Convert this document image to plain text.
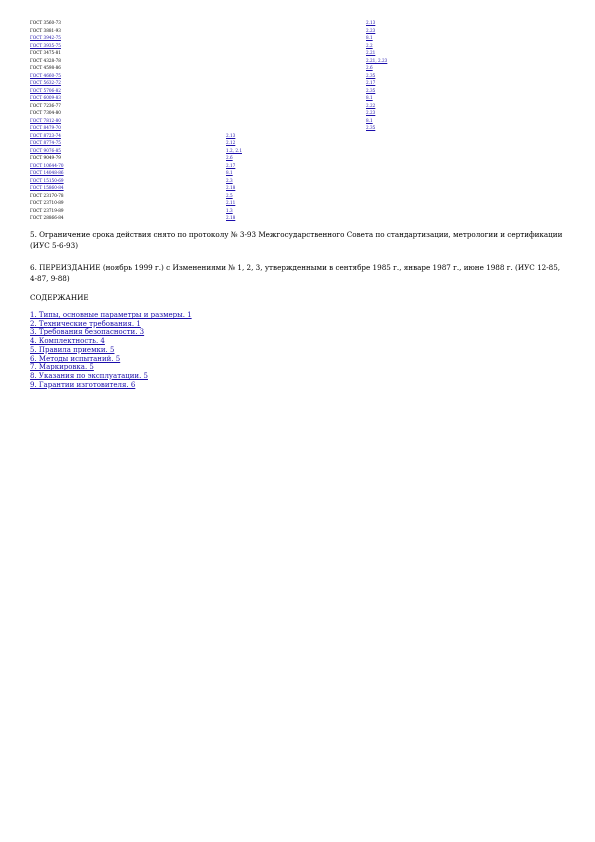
ГОСТ 3560-73	2.13
ГОСТ 3881-93	2.23
ГОСТ 3942-75	8.1
ГОСТ 3935-75	2.2
ГОСТ 3475-81	2.21
ГОСТ 4328-78	2.21, 2.23
ГОСТ 4598-86	2.6
ГОСТ 4660-75	2.35
ГОСТ 5632-72	2.17
ГОСТ 5706-82	2.35
ГОСТ 6009-83	8.1
ГОСТ 7236-77	2.22
ГОСТ 7304-80	2.23
ГОСТ 7812-80	8.1
ГОСТ 8479-70	2.35
ГОСТ 8723-74	2.13
ГОСТ 8774-75	2.12
ГОСТ 9076-85	1.2, 2.1
ГОСТ 9049-79	2.6
ГОСТ 10644-70	2.17
ГОСТ 14048-86	8.1
ГОСТ 15150-69	2.3
ГОСТ 15860-84	2.18
ГОСТ 23170-78	2.5
ГОСТ 23710-89	2.11
ГОСТ 23719-89	1.3
ГОСТ 28866-84	2.18
5. Ограничение срока действия снято по протоколу № 3-93 Межгосударственного Совета по стандартизации, метрологии и сертификации (ИУС 5-6-93)
6. ПЕРЕИЗДАНИЕ (ноябрь 1999 г.) с Изменениями № 1, 2, 3, утвержденными в сентябре 1985 г., январе 1987 г., июне 1988 г. (ИУС 12-85, 4-87, 9-88)
СОДЕРЖАНИЕ
1. Типы, основные параметры и размеры. 1
2. Технические требования. 1
3. Требования безопасности. 3
4. Комплектность. 4
5. Правила приемки. 5
6. Методы испытаний. 5
7. Маркировка. 5
8. Указания по эксплуатации. 5
9. Гарантии изготовителя. 6
